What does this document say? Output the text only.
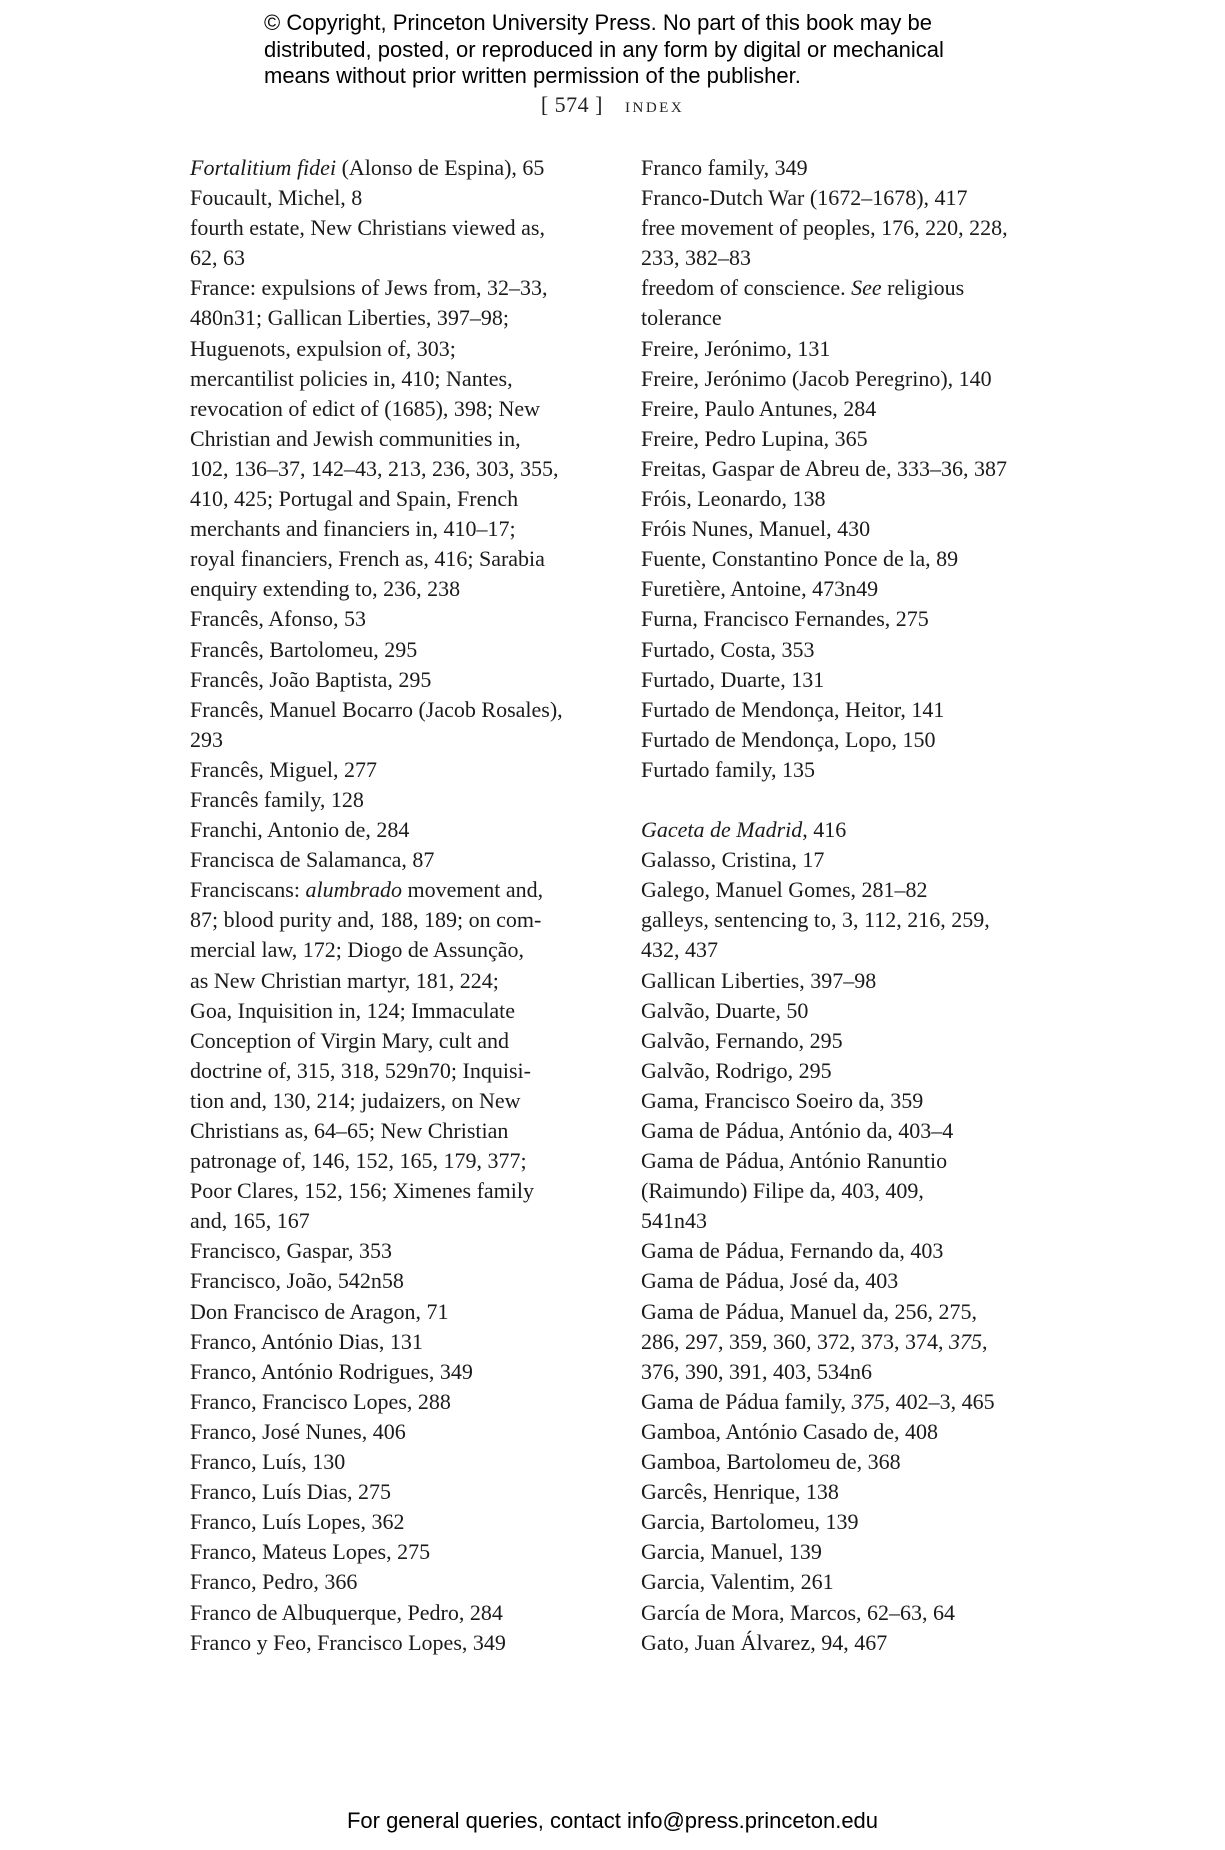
© Copyright, Princeton University Press. No part of this book may be
distributed, posted, or reproduced in any form by digital or mechanical
means without prior written permission of the publisher.
[ 574 ] index
Fortalitium fidei (Alonso de Espina), 65
Foucault, Michel, 8
fourth estate, New Christians viewed as,
62, 63
France: expulsions of Jews from, 32–33,
480n31; Gallican Liberties, 397–98;
Huguenots, expulsion of, 303;
mercantilist policies in, 410; Nantes,
revocation of edict of (1685), 398; New
Christian and Jewish communities in,
102, 136–37, 142–43, 213, 236, 303, 355,
410, 425; Portugal and Spain, French
merchants and financiers in, 410–17;
royal financiers, French as, 416; Sarabia
enquiry extending to, 236, 238
Francês, Afonso, 53
Francês, Bartolomeu, 295
Francês, João Baptista, 295
Francês, Manuel Bocarro (Jacob Rosales),
293
Francês, Miguel, 277
Francês family, 128
Franchi, Antonio de, 284
Francisca de Salamanca, 87
Franciscans: alumbrado movement and,
87; blood purity and, 188, 189; on com-
mercial law, 172; Diogo de Assunção,
as New Christian martyr, 181, 224;
Goa, Inquisition in, 124; Immaculate
Conception of Virgin Mary, cult and
doctrine of, 315, 318, 529n70; Inquisi-
tion and, 130, 214; judaizers, on New
Christians as, 64–65; New Christian
patronage of, 146, 152, 165, 179, 377;
Poor Clares, 152, 156; Ximenes family
and, 165, 167
Francisco, Gaspar, 353
Francisco, João, 542n58
Don Francisco de Aragon, 71
Franco, António Dias, 131
Franco, António Rodrigues, 349
Franco, Francisco Lopes, 288
Franco, José Nunes, 406
Franco, Luís, 130
Franco, Luís Dias, 275
Franco, Luís Lopes, 362
Franco, Mateus Lopes, 275
Franco, Pedro, 366
Franco de Albuquerque, Pedro, 284
Franco y Feo, Francisco Lopes, 349
Franco family, 349
Franco-Dutch War (1672–1678), 417
free movement of peoples, 176, 220, 228,
233, 382–83
freedom of conscience. See religious
tolerance
Freire, Jerónimo, 131
Freire, Jerónimo (Jacob Peregrino), 140
Freire, Paulo Antunes, 284
Freire, Pedro Lupina, 365
Freitas, Gaspar de Abreu de, 333–36, 387
Fróis, Leonardo, 138
Fróis Nunes, Manuel, 430
Fuente, Constantino Ponce de la, 89
Furetière, Antoine, 473n49
Furna, Francisco Fernandes, 275
Furtado, Costa, 353
Furtado, Duarte, 131
Furtado de Mendonça, Heitor, 141
Furtado de Mendonça, Lopo, 150
Furtado family, 135
Gaceta de Madrid, 416
Galasso, Cristina, 17
Galego, Manuel Gomes, 281–82
galleys, sentencing to, 3, 112, 216, 259,
432, 437
Gallican Liberties, 397–98
Galvão, Duarte, 50
Galvão, Fernando, 295
Galvão, Rodrigo, 295
Gama, Francisco Soeiro da, 359
Gama de Pádua, António da, 403–4
Gama de Pádua, António Ranuntio
(Raimundo) Filipe da, 403, 409,
541n43
Gama de Pádua, Fernando da, 403
Gama de Pádua, José da, 403
Gama de Pádua, Manuel da, 256, 275,
286, 297, 359, 360, 372, 373, 374, 375,
376, 390, 391, 403, 534n6
Gama de Pádua family, 375, 402–3, 465
Gamboa, António Casado de, 408
Gamboa, Bartolomeu de, 368
Garcês, Henrique, 138
Garcia, Bartolomeu, 139
Garcia, Manuel, 139
Garcia, Valentim, 261
García de Mora, Marcos, 62–63, 64
Gato, Juan Álvarez, 94, 467
For general queries, contact info@press.princeton.edu
